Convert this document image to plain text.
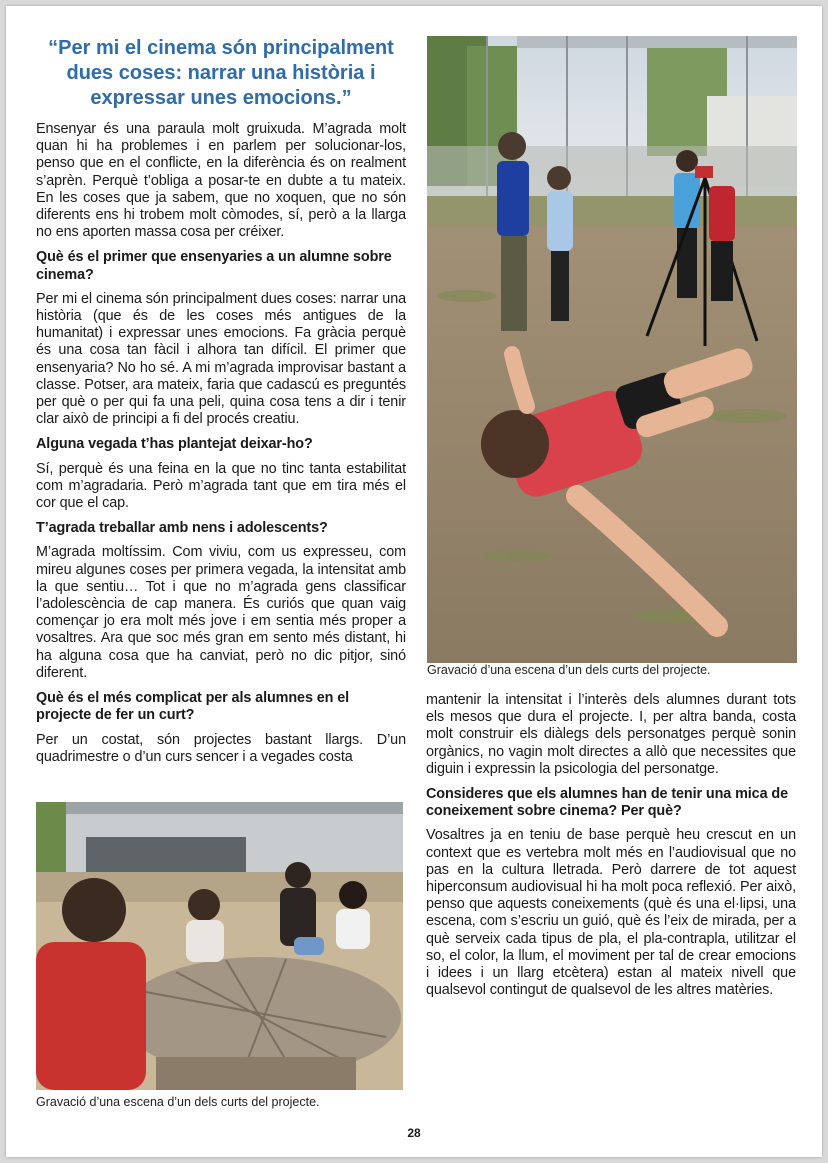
“Per mi el cinema són principalment dues coses: narrar una història i expressar unes emocions.”

Ensenyar és una paraula molt gruixuda. M’agrada molt quan hi ha problemes i en parlem per solucionar-los, penso que en el conflicte, en la diferència és on realment s’aprèn. Perquè t’obliga a posar-te en dubte a tu mateix. En les coses que ja sabem, que no xoquen, que no són diferents ens hi trobem molt còmodes, sí, però a la llarga no ens aporten massa cosa per créixer.

Què és el primer que ensenyaries a un alumne sobre cinema?

Per mi el cinema són principalment dues coses: narrar una història (que és de les coses més antigues de la humanitat) i expressar unes emocions. Fa gràcia perquè és una cosa tan fàcil i alhora tan difícil. El primer que ensenyaria? No ho sé. A mi m’agrada improvisar bastant a classe. Potser, ara mateix, faria que cadascú es preguntés per què o per qui fa una peli, quina cosa tens a dir i tenir clar això de principi a fi del procés creatiu.

Alguna vegada t’has plantejat deixar-ho?

Sí, perquè és una feina en la que no tinc tanta estabilitat com m’agradaria. Però m’agrada tant que em tira més el cor que el cap.

T’agrada treballar amb nens i adolescents?

M’agrada moltíssim. Com viviu, com us expresseu, com mireu algunes coses per primera vegada, la intensitat amb la que sentiu… Tot i que no m’agrada gens classificar l’adolescència de cap manera. És curiós que quan vaig començar jo era molt més jove i em sentia més proper a vosaltres. Ara que soc més gran em sento més distant, hi ha alguna cosa que ha canviat, però no dic pitjor, sinó diferent.

Què és el més complicat per als alumnes en el projecte de fer un curt?

Per un costat, són projectes bastant llargs. D’un quadrimestre o d’un curs sencer i a vegades costa

Gravació d’una escena d’un dels curts del projecte.

mantenir la intensitat i l’interès dels alumnes durant tots els mesos que dura el projecte. I, per altra banda, costa molt construir els diàlegs dels personatges perquè sonin orgànics, no vagin molt directes a allò que necessites que diguin i expressin la psicologia del personatge.

Consideres que els alumnes han de tenir una mica de coneixement sobre cinema? Per què?

Vosaltres ja en teniu de base perquè heu crescut en un context que es vertebra molt més en l’audiovisual que no pas en la cultura lletrada. Però darrere de tot aquest hiperconsum audiovisual hi ha molt poca reflexió. Per això, penso que aquests coneixements (què és una el·lipsi, una escena, com s’escriu un guió, què és l’eix de mirada, per a què serveix cada tipus de pla, el pla-contrapla, utilitzar el so, el color, la llum, el moviment per tal de crear emocions i idees i un llarg etcètera) estan al mateix nivell que qualsevol contingut de qualsevol de les altres matèries.

Gravació d’una escena d’un dels curts del projecte.
28
